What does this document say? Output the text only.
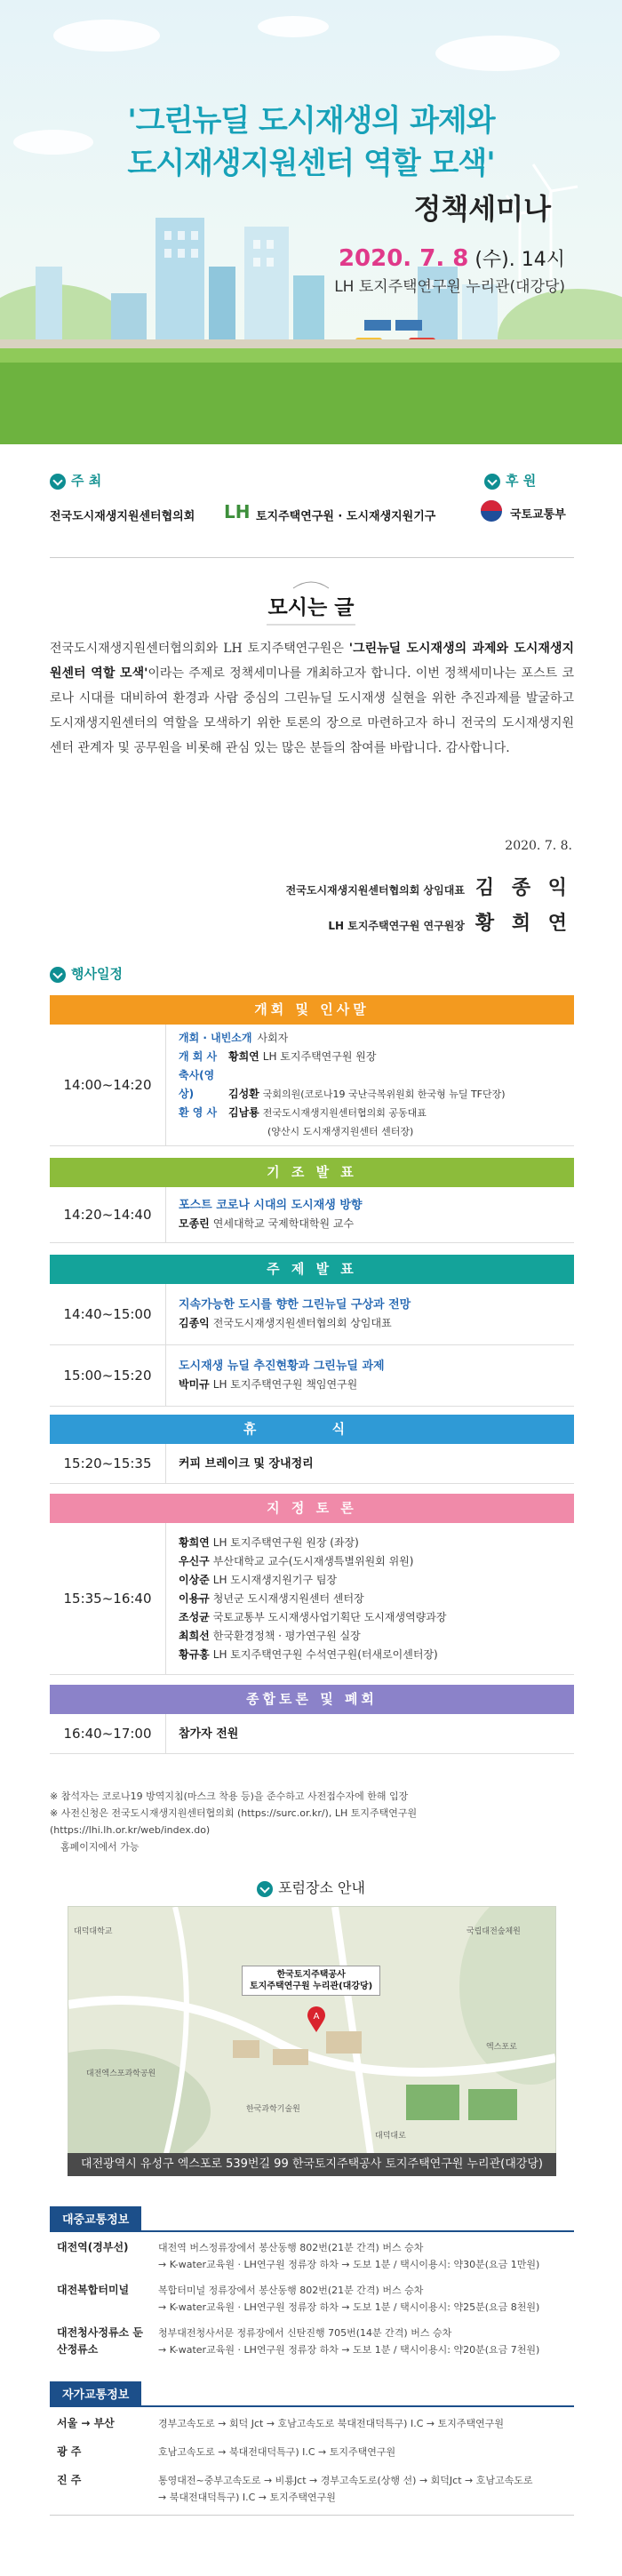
'그린뉴딜 도시재생의 과제와
도시재생지원센터 역할 모색'
정책세미나
2020. 7. 8 (수). 14시
LH 토지주택연구원 누리관(대강당)
주 최
전국도시재생지원센터협의회 LH 토지주택연구원 · 도시재생지원기구
후 원
국토교통부
모시는 글
전국도시재생지원센터협의회와 LH 토지주택연구원은 '그린뉴딜 도시재생의 과제와 도시재생지원센터 역할 모색'이라는 주제로 정책세미나를 개최하고자 합니다. 이번 정책세미나는 포스트 코로나 시대를 대비하여 환경과 사람 중심의 그린뉴딜 도시재생 실현을 위한 추진과제를 발굴하고 도시재생지원센터의 역할을 모색하기 위한 토론의 장으로 마련하고자 하니 전국의 도시재생지원센터 관계자 및 공무원을 비롯해 관심 있는 많은 분들의 참여를 바랍니다. 감사합니다.
2020. 7. 8.
전국도시재생지원센터협의회 상임대표 김 종 익
LH 토지주택연구원 연구원장 황 희 연
행사일정
개회 및 인사말
14:00~14:20
개회 · 내빈소개 사회자
개 회 사 황희연 LH 토지주택연구원 원장
축사(영상)	김성환 국회의원(코로나19 국난극복위원회 한국형 뉴딜 TF단장)
환 영 사 김남룡 전국도시재생지원센터협의회 공동대표
(양산시 도시재생지원센터 센터장)
기 조 발 표
14:20~14:40
포스트 코로나 시대의 도시재생 방향
모종린 연세대학교 국제학대학원 교수
주 제 발 표
14:40~15:00
지속가능한 도시를 향한 그린뉴딜 구상과 전망
김종익 전국도시재생지원센터협의회 상임대표
15:00~15:20
도시재생 뉴딜 추진현황과 그린뉴딜 과제
박미규 LH 토지주택연구원 책임연구원
휴 식
15:20~15:35	커피 브레이크 및 장내정리
지 정 토 론
15:35~16:40
황희연 LH 토지주택연구원 원장 (좌장)
우신구 부산대학교 교수(도시재생특별위원회 위원)
이상준 LH 도시재생지원기구 팀장
이용규 청년군 도시재생지원센터 센터장
조성균 국토교통부 도시재생사업기획단 도시재생역량과장
최희선 한국환경정책 · 평가연구원 실장
황규홍 LH 토지주택연구원 수석연구원(터새로이센터장)
종합토론 및 폐회
16:40~17:00	참가자 전원
※ 참석자는 코로나19 방역지침(마스크 착용 등)을 준수하고 사전접수자에 한해 입장
※ 사전신청은 전국도시재생지원센터협의회 (https://surc.or.kr/), LH 토지주택연구원 (https://lhi.lh.or.kr/web/index.do)
홈페이지에서 가능
포럼장소 안내
대덕대학교	국립대전숲체원
한국과학기술원
대전엑스포과학공원
엑스포로
대덕대로
한국토지주택공사
토지주택연구원 누리관(대강당)
A
대전광역시 유성구 엑스포로 539번길 99 한국토지주택공사 토지주택연구원 누리관(대강당)
대중교통정보
대전역(경부선)	대전역 버스정류장에서 봉산동행 802번(21분 간격) 버스 승차
→ K-water교육원 · LH연구원 정류장 하차 → 도보 1분 / 택시이용시: 약30분(요금 1만원)
대전복합터미널	복합터미널 정류장에서 봉산동행 802번(21분 간격) 버스 승차
→ K-water교육원 · LH연구원 정류장 하차 → 도보 1분 / 택시이용시: 약25분(요금 8천원)
대전청사정류소 둔산정류소
청부대전청사서문 정류장에서 신탄진행 705번(14분 간격) 버스 승차
→ K-water교육원 · LH연구원 정류장 하차 → 도보 1분 / 택시이용시: 약20분(요금 7천원)
자가교통정보
서울 → 부산	경부고속도로 → 회덕 Jct → 호남고속도로 북대전대덕특구) I.C → 토지주택연구원
광 주	호남고속도로 → 북대전대덕특구) I.C → 토지주택연구원
진 주	통영대전~중부고속도로 → 비룡Jct → 경부고속도로(상행 선) → 회덕Jct → 호남고속도로
→ 북대전대덕특구) I.C → 토지주택연구원
